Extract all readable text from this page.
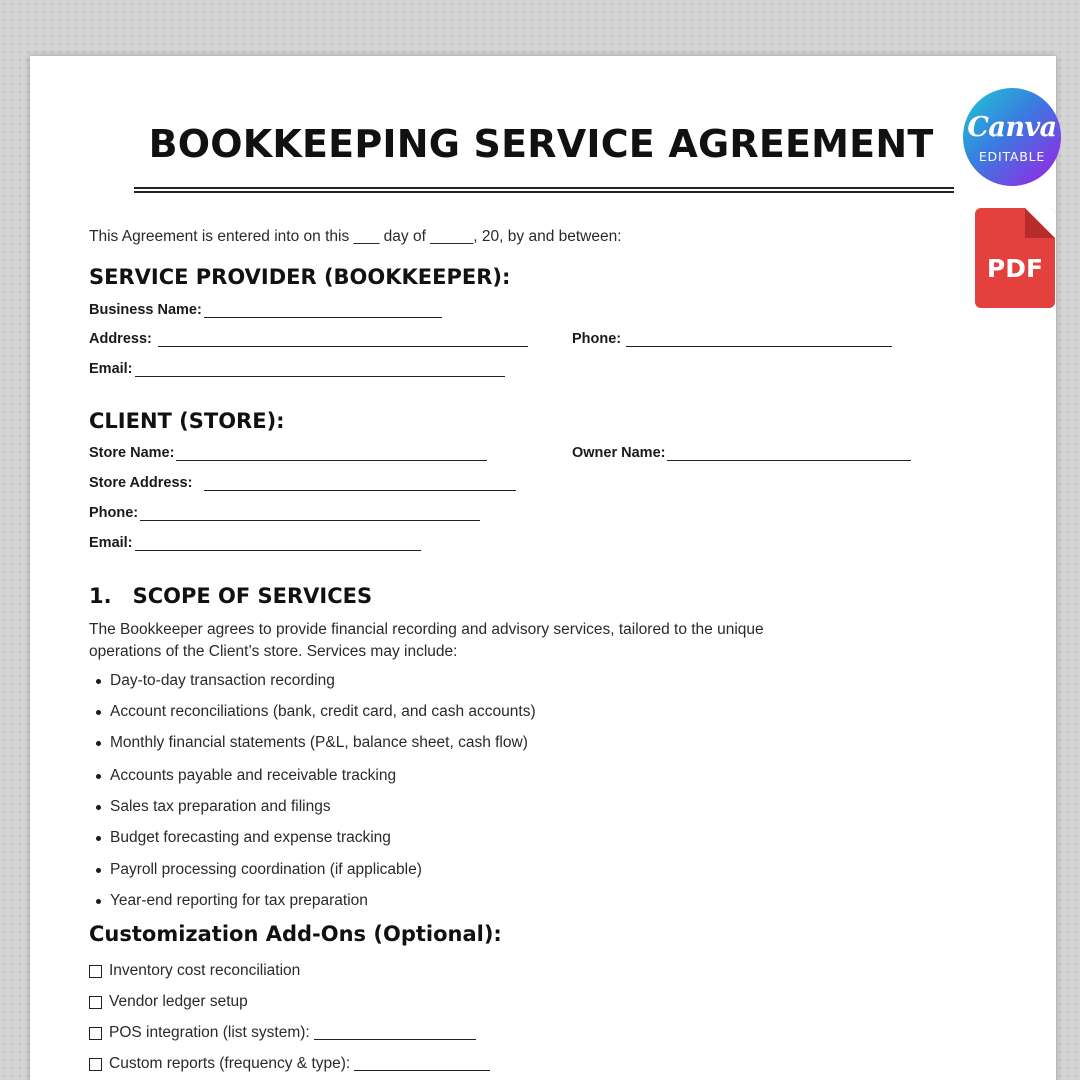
BOOKKEEPING SERVICE AGREEMENT
This Agreement is entered into on this ___ day of _____, 20, by and between:
SERVICE PROVIDER (BOOKKEEPER):
Business Name:
Address:	Phone:
Email:
CLIENT (STORE):
Store Name:	Owner Name:
Store Address:
Phone:
Email:
1. SCOPE OF SERVICES
The Bookkeeper agrees to provide financial recording and advisory services, tailored to the unique
operations of the Client’s store. Services may include:
Day-to-day transaction recording
Account reconciliations (bank, credit card, and cash accounts)
Monthly financial statements (P&L, balance sheet, cash flow)
Accounts payable and receivable tracking
Sales tax preparation and filings
Budget forecasting and expense tracking
Payroll processing coordination (if applicable)
Year-end reporting for tax preparation
Customization Add-Ons (Optional):
Inventory cost reconciliation
Vendor ledger setup
POS integration (list system):
Custom reports (frequency & type):
Canva
EDITABLE
PDF
